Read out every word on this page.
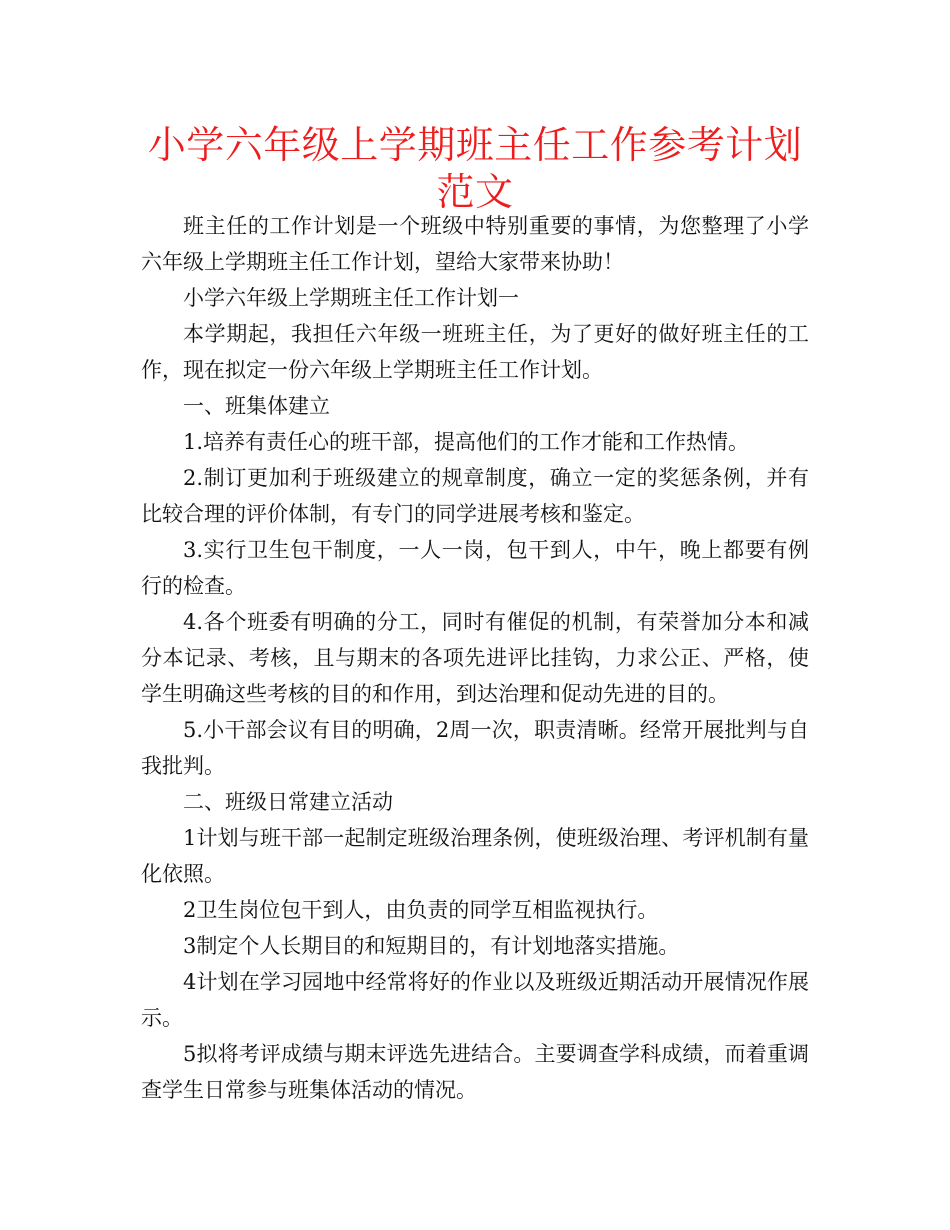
小学六年级上学期班主任工作参考计划范文

班主任的工作计划是一个班级中特别重要的事情，为您整理了小学六年级上学期班主任工作计划，望给大家带来协助！

小学六年级上学期班主任工作计划一

本学期起，我担任六年级一班班主任，为了更好的做好班主任的工作，现在拟定一份六年级上学期班主任工作计划。

一、班集体建立

1.培养有责任心的班干部，提高他们的工作才能和工作热情。

2.制订更加利于班级建立的规章制度，确立一定的奖惩条例，并有比较合理的评价体制，有专门的同学进展考核和鉴定。

3.实行卫生包干制度，一人一岗，包干到人，中午，晚上都要有例行的检查。

4.各个班委有明确的分工，同时有催促的机制，有荣誉加分本和减分本记录、考核，且与期末的各项先进评比挂钩，力求公正、严格，使学生明确这些考核的目的和作用，到达治理和促动先进的目的。

5.小干部会议有目的明确，2周一次，职责清晰。经常开展批判与自我批判。

二、班级日常建立活动

1计划与班干部一起制定班级治理条例，使班级治理、考评机制有量化依照。

2卫生岗位包干到人，由负责的同学互相监视执行。

3制定个人长期目的和短期目的，有计划地落实措施。

4计划在学习园地中经常将好的作业以及班级近期活动开展情况作展示。

5拟将考评成绩与期末评选先进结合。主要调查学科成绩，而着重调查学生日常参与班集体活动的情况。
